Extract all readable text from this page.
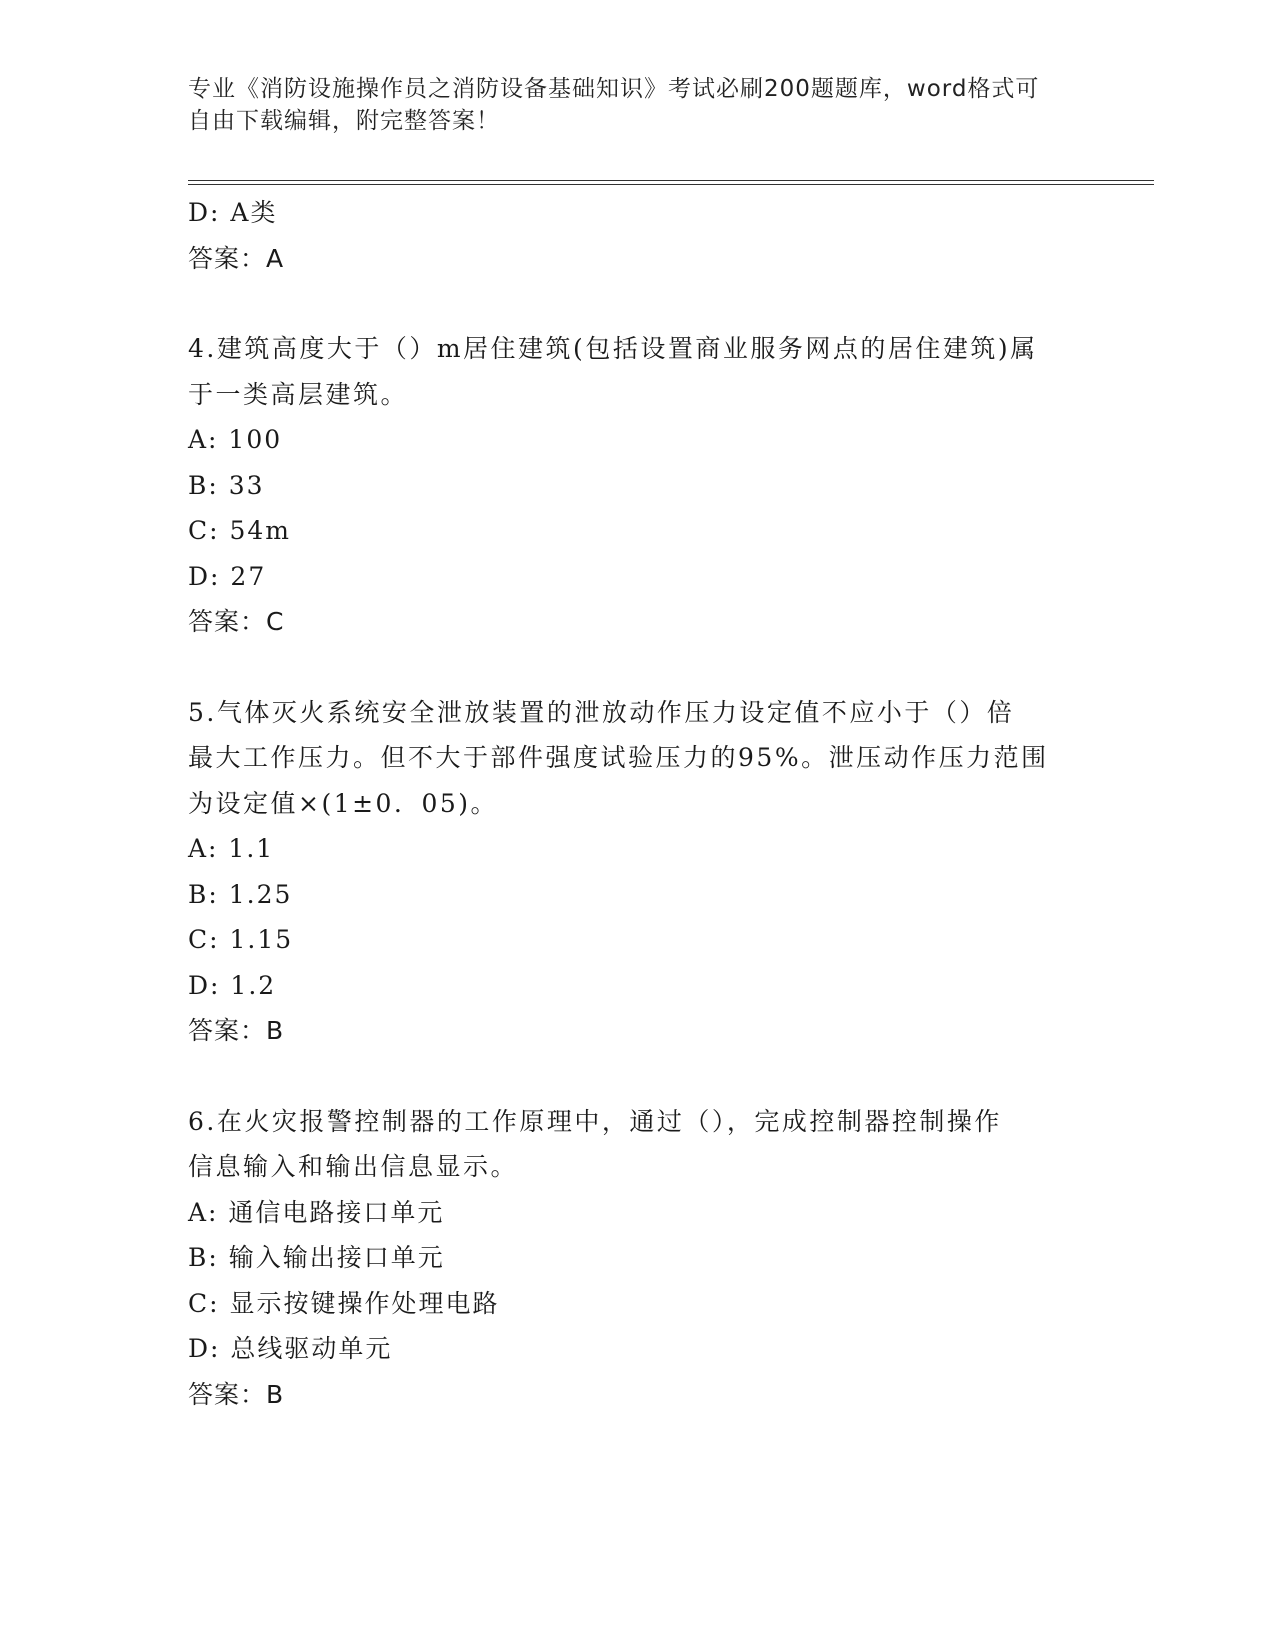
专业《消防设施操作员之消防设备基础知识》考试必刷200题题库，word格式可
自由下载编辑，附完整答案！
D: A类
答案：A
4.建筑高度大于（）m居住建筑(包括设置商业服务网点的居住建筑)属
于一类高层建筑。
A: 100
B: 33
C: 54m
D: 27
答案：C
5.气体灭火系统安全泄放装置的泄放动作压力设定值不应小于（）倍
最大工作压力。但不大于部件强度试验压力的95%。泄压动作压力范围
为设定值×(1±0．05)。
A: 1.1
B: 1.25
C: 1.15
D: 1.2
答案：B
6.在火灾报警控制器的工作原理中，通过（），完成控制器控制操作
信息输入和输出信息显示。
A: 通信电路接口单元
B: 输入输出接口单元
C: 显示按键操作处理电路
D: 总线驱动单元
答案：B
